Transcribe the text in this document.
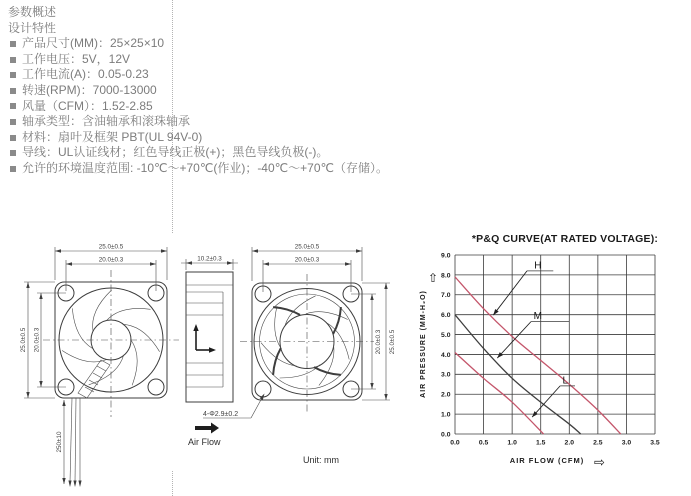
参数概述
设计特性
产品尺寸(MM)：25×25×10
工作电压：5V，12V
工作电流(A)：0.05-0.23
转速(RPM)：7000-13000
风量（CFM）：1.52-2.85
轴承类型：含油轴承和滚珠轴承
材料：扇叶及框架 PBT(UL 94V-0)
导线：UL认证线材；红色导线正极(+)；黑色导线负极(-)。
允许的环境温度范围: -10℃～+70℃(作业)；-40℃～+70℃（存储）。
25.0±0.5
20.0±0.3
25.0±0.5 20.0±0.3
250±10
10.2±0.3
25.0±0.5
20.0±0.3
20.0±0.3 25.0±0.5
4-Φ2.9±0.2
Air Flow
Unit: mm
*P&Q CURVE(AT RATED VOLTAGE):
AIR FLOW (CFM) ⇨
AIR PRESSURE (MM-H₂O)
⇧
0.0
1.0
2.0
3.0
4.0
5.0
6.0
7.0
8.0
9.0
0.0	0.5	1.0	1.5	2.0	2.5	3.0	3.5
H
M
L
